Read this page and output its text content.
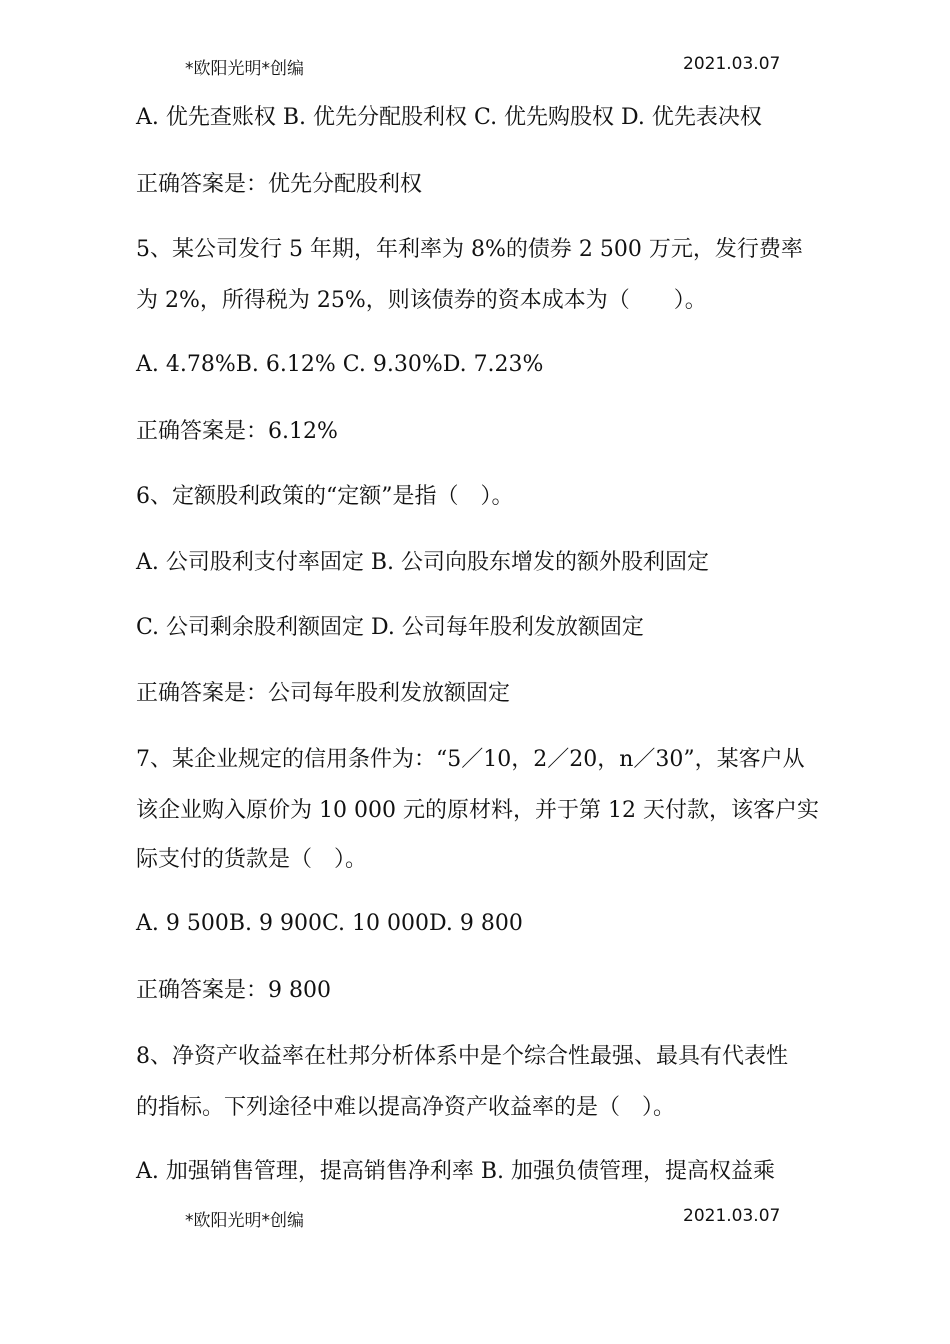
*欧阳光明*创编	2021.03.07
A. 优先查账权 B. 优先分配股利权 C. 优先购股权 D. 优先表决权
正确答案是：优先分配股利权
5、某公司发行 5 年期，年利率为 8%的债券 2 500 万元，发行费率
为 2%，所得税为 25%，则该债券的资本成本为（　　）。
A. 4.78%B. 6.12% C. 9.30%D. 7.23%
正确答案是：6.12%
6、定额股利政策的“定额”是指（　）。
A. 公司股利支付率固定 B. 公司向股东增发的额外股利固定
C. 公司剩余股利额固定 D. 公司每年股利发放额固定
正确答案是：公司每年股利发放额固定
7、某企业规定的信用条件为：“5／10，2／20，n／30”，某客户从
该企业购入原价为 10 000 元的原材料，并于第 12 天付款，该客户实
际支付的货款是（　）。
A. 9 500B. 9 900C. 10 000D. 9 800
正确答案是：9 800
8、净资产收益率在杜邦分析体系中是个综合性最强、最具有代表性
的指标。下列途径中难以提高净资产收益率的是（　）。
A. 加强销售管理，提高销售净利率 B. 加强负债管理，提高权益乘
*欧阳光明*创编	2021.03.07
